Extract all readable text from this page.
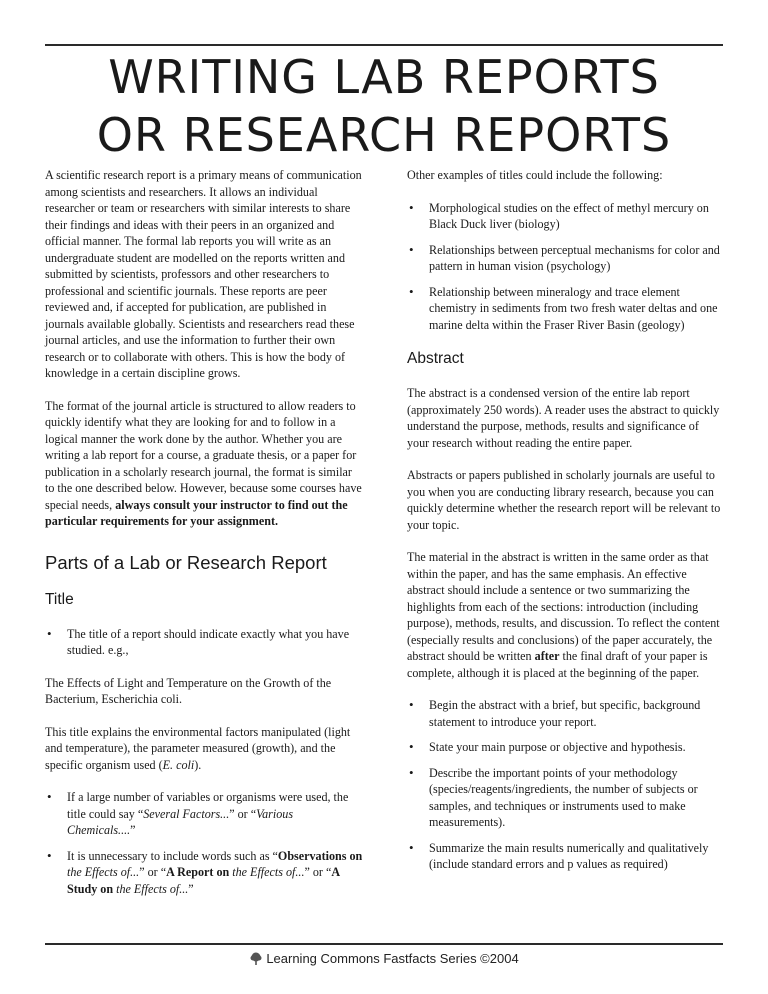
WRITING LAB REPORTS
OR RESEARCH REPORTS

A scientific research report is a primary means of communication among scientists and researchers. It allows an individual researcher or team or researchers with similar interests to share their findings and ideas with their peers in an organized and official manner. The formal lab reports you will write as an undergraduate student are modelled on the reports written and submitted by scientists, professors and other researchers to professional and scientific journals. These reports are peer reviewed and, if accepted for publication, are published in journals available globally. Scientists and researchers read these journal articles, and use the information to further their own research or to collaborate with others. This is how the body of knowledge in a certain discipline grows.

The format of the journal article is structured to allow readers to quickly identify what they are looking for and to follow in a logical manner the work done by the author. Whether you are writing a lab report for a course, a graduate thesis, or a paper for publication in a scholarly research journal, the format is similar to the one described below. However, because some courses have special needs, always consult your instructor to find out the particular requirements for your assignment.

Parts of a Lab or Research Report
Title
• The title of a report should indicate exactly what you have studied. e.g.,

The Effects of Light and Temperature on the Growth of the Bacterium, Escherichia coli.

This title explains the environmental factors manipulated (light and temperature), the parameter measured (growth), and the specific organism used (E. coli).

• If a large number of variables or organisms were used, the title could say “Several Factors...” or “Various Chemicals....”
• It is unnecessary to include words such as “Observations on the Effects of...” or “A Report on the Effects of...” or “A Study on the Effects of...”

Other examples of titles could include the following:

• Morphological studies on the effect of methyl mercury on Black Duck liver (biology)
• Relationships between perceptual mechanisms for color and pattern in human vision (psychology)
• Relationship between mineralogy and trace element chemistry in sediments from two fresh water deltas and one marine delta within the Fraser River Basin (geology)
Abstract

The abstract is a condensed version of the entire lab report (approximately 250 words). A reader uses the abstract to quickly understand the purpose, methods, results and significance of your research without reading the entire paper.

Abstracts or papers published in scholarly journals are useful to you when you are conducting library research, because you can quickly determine whether the research report will be relevant to your topic.

The material in the abstract is written in the same order as that within the paper, and has the same emphasis. An effective abstract should include a sentence or two summarizing the highlights from each of the sections: introduction (including purpose), methods, results, and discussion. To reflect the content (especially results and conclusions) of the paper accurately, the abstract should be written after the final draft of your paper is complete, although it is placed at the beginning of the paper.

• Begin the abstract with a brief, but specific, background statement to introduce your report.
• State your main purpose or objective and hypothesis.
• Describe the important points of your methodology (species/reagents/ingredients, the number of subjects or samples, and techniques or instruments used to make measurements).
• Summarize the main results numerically and qualitatively (include standard errors and p values as required)
Learning Commons Fastfacts Series ©2004
